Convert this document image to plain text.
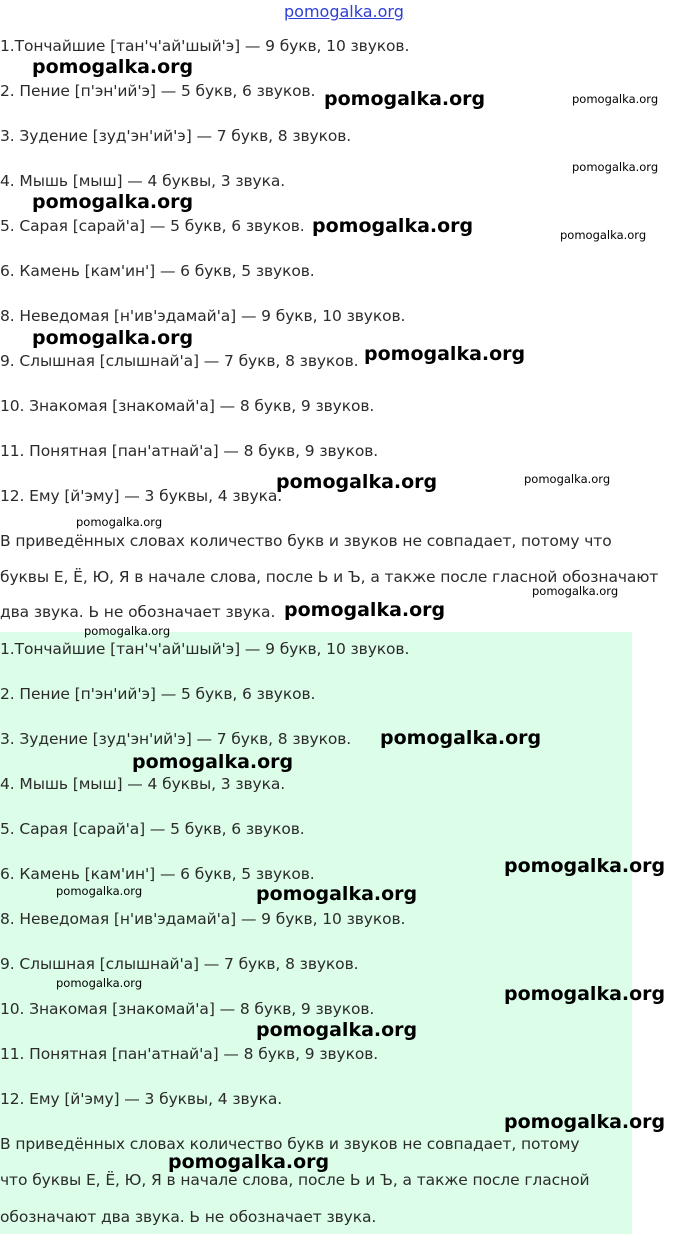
pomogalka.org

1.Тончайшие [тан'ч'ай'шый'э] — 9 букв, 10 звуков.

2. Пение [п'эн'ий'э] — 5 букв, 6 звуков.

3. Зудение [зуд'эн'ий'э] — 7 букв, 8 звуков.

4. Мышь [мыш] — 4 буквы, 3 звука.

5. Сарая [сарай'а] — 5 букв, 6 звуков.

6. Камень [кам'ин'] — 6 букв, 5 звуков.

8. Неведомая [н'ив'эдамай'а] — 9 букв, 10 звуков.

9. Слышная [слышнай'а] — 7 букв, 8 звуков.

10. Знакомая [знакомай'а] — 8 букв, 9 звуков.

11. Понятная [пан'атнай'а] — 8 букв, 9 звуков.

12. Ему [й'эму] — 3 буквы, 4 звука.

В приведённых словах количество букв и звуков не совпадает, потому что

буквы Е, Ё, Ю, Я в начале слова, после Ь и Ъ, а также после гласной обозначают

два звука. Ь не обозначает звука.

1.Тончайшие [тан'ч'ай'шый'э] — 9 букв, 10 звуков.

2. Пение [п'эн'ий'э] — 5 букв, 6 звуков.

3. Зудение [зуд'эн'ий'э] — 7 букв, 8 звуков.

4. Мышь [мыш] — 4 буквы, 3 звука.

5. Сарая [сарай'а] — 5 букв, 6 звуков.

6. Камень [кам'ин'] — 6 букв, 5 звуков.

8. Неведомая [н'ив'эдамай'а] — 9 букв, 10 звуков.

9. Слышная [слышнай'а] — 7 букв, 8 звуков.

10. Знакомая [знакомай'а] — 8 букв, 9 звуков.

11. Понятная [пан'атнай'а] — 8 букв, 9 звуков.

12. Ему [й'эму] — 3 буквы, 4 звука.

В приведённых словах количество букв и звуков не совпадает, потому

что буквы Е, Ё, Ю, Я в начале слова, после Ь и Ъ, а также после гласной

обозначают два звука. Ь не обозначает звука.

pomogalka.org
pomogalka.org	pomogalka.org
pomogalka.org
pomogalka.org
pomogalka.org	pomogalka.org
pomogalka.org
pomogalka.org
pomogalka.org	pomogalka.org
pomogalka.org
pomogalka.org
pomogalka.org
pomogalka.org
pomogalka.org
pomogalka.org
pomogalka.org
pomogalka.org	pomogalka.org
pomogalka.org	pomogalka.org
pomogalka.org
pomogalka.org
pomogalka.org
